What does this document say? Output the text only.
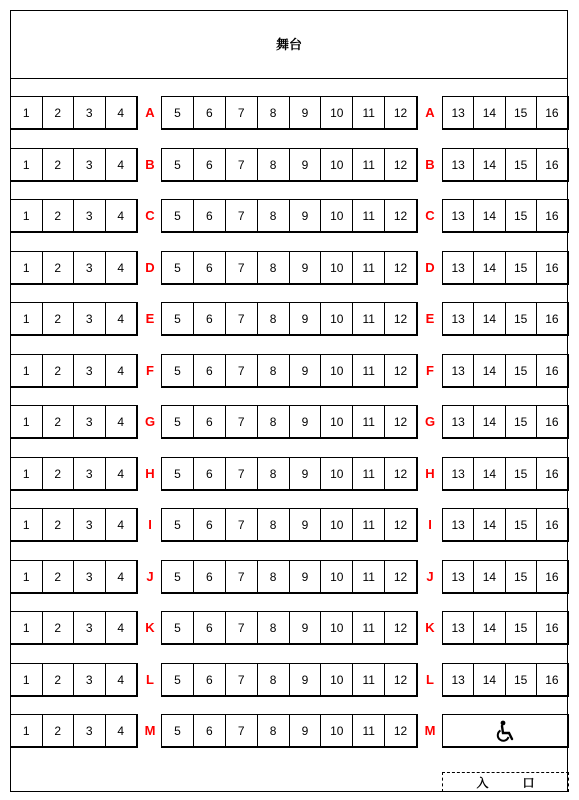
舞台
1	2	3	4	A	5	6	7	8	9	10	11	12	A	13	14	15	16
1	2	3	4	B	5	6	7	8	9	10	11	12	B	13	14	15	16
1	2	3	4	C	5	6	7	8	9	10	11	12	C	13	14	15	16
1	2	3	4	D	5	6	7	8	9	10	11	12	D	13	14	15	16
1	2	3	4	E	5	6	7	8	9	10	11	12	E	13	14	15	16
1	2	3	4	F	5	6	7	8	9	10	11	12	F	13	14	15	16
1	2	3	4	G	5	6	7	8	9	10	11	12	G	13	14	15	16
1	2	3	4	H	5	6	7	8	9	10	11	12	H	13	14	15	16
1	2	3	4	I	5	6	7	8	9	10	11	12	I	13	14	15	16
1	2	3	4	J	5	6	7	8	9	10	11	12	J	13	14	15	16
1	2	3	4	K	5	6	7	8	9	10	11	12	K	13	14	15	16
1	2	3	4	L	5	6	7	8	9	10	11	12	L	13	14	15	16
1	2	3	4	M	5	6	7	8	9	10	11	12	M
入	口
